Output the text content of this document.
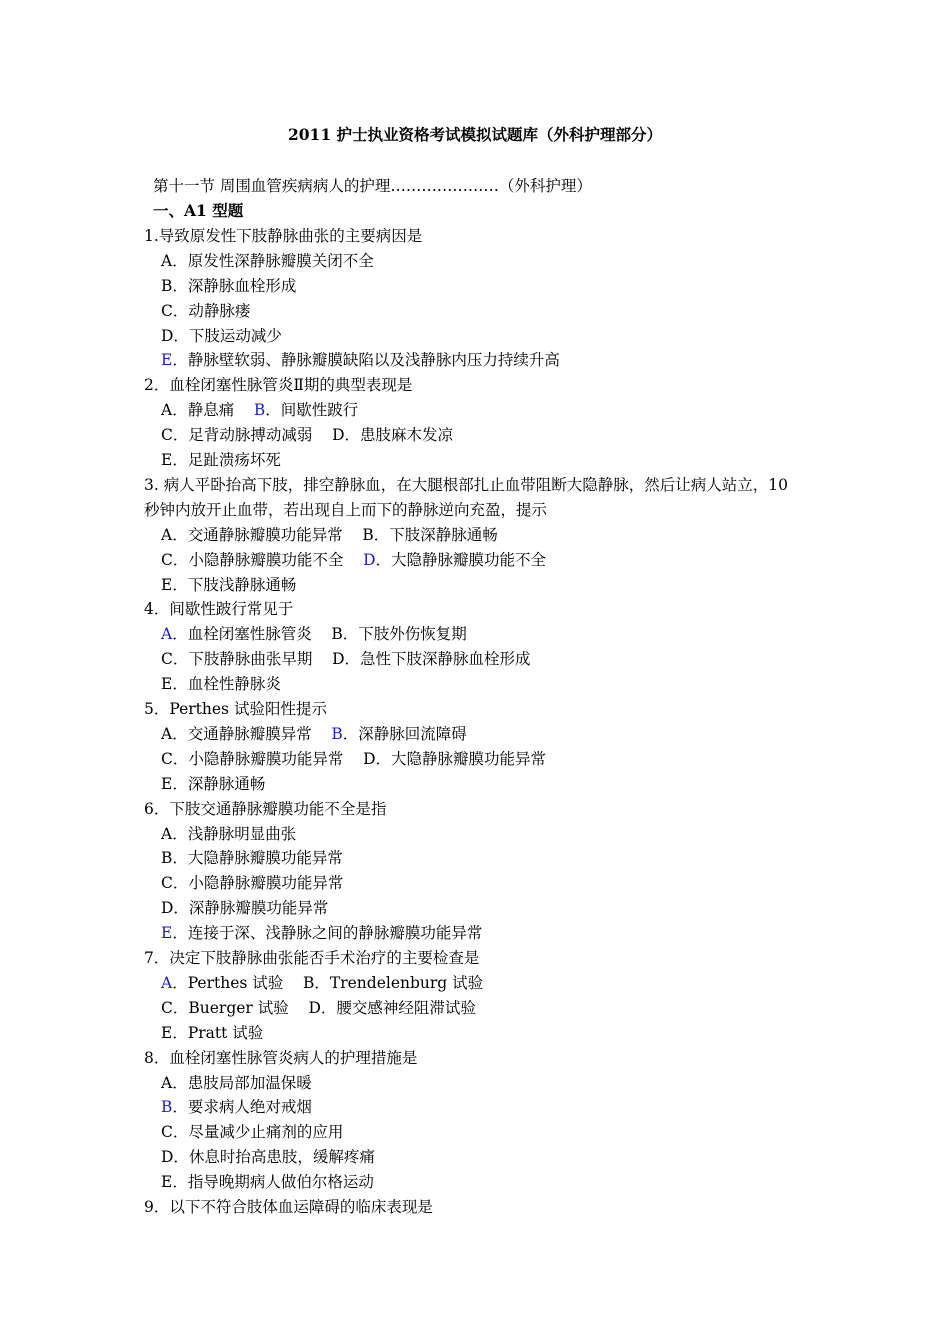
2011 护士执业资格考试模拟试题库（外科护理部分）
第十一节 周围血管疾病病人的护理…………………（外科护理）
一、A1 型题
1.导致原发性下肢静脉曲张的主要病因是
A．原发性深静脉瓣膜关闭不全
B．深静脉血栓形成
C．动静脉瘘
D．下肢运动减少
E．静脉壁软弱、静脉瓣膜缺陷以及浅静脉内压力持续升高
2．血栓闭塞性脉管炎Ⅱ期的典型表现是
A．静息痛    B．间歇性跛行
C．足背动脉搏动减弱    D．患肢麻木发凉
E．足趾溃疡坏死
3. 病人平卧抬高下肢，排空静脉血，在大腿根部扎止血带阻断大隐静脉，然后让病人站立，10
秒钟内放开止血带，若出现自上而下的静脉逆向充盈，提示
A．交通静脉瓣膜功能异常    B．下肢深静脉通畅
C．小隐静脉瓣膜功能不全    D．大隐静脉瓣膜功能不全
E．下肢浅静脉通畅
4．间歇性跛行常见于
A．血栓闭塞性脉管炎    B．下肢外伤恢复期
C．下肢静脉曲张早期    D．急性下肢深静脉血栓形成
E．血栓性静脉炎
5．Perthes 试验阳性提示
A．交通静脉瓣膜异常    B．深静脉回流障碍
C．小隐静脉瓣膜功能异常    D．大隐静脉瓣膜功能异常
E．深静脉通畅
6．下肢交通静脉瓣膜功能不全是指
A．浅静脉明显曲张
B．大隐静脉瓣膜功能异常
C．小隐静脉瓣膜功能异常
D．深静脉瓣膜功能异常
E．连接于深、浅静脉之间的静脉瓣膜功能异常
7．决定下肢静脉曲张能否手术治疗的主要检查是
A．Perthes 试验    B．Trendelenburg 试验
C．Buerger 试验    D．腰交感神经阻滞试验
E．Pratt 试验
8．血栓闭塞性脉管炎病人的护理措施是
A．患肢局部加温保暖
B．要求病人绝对戒烟
C．尽量减少止痛剂的应用
D．休息时抬高患肢，缓解疼痛
E．指导晚期病人做伯尔格运动
9．以下不符合肢体血运障碍的临床表现是
